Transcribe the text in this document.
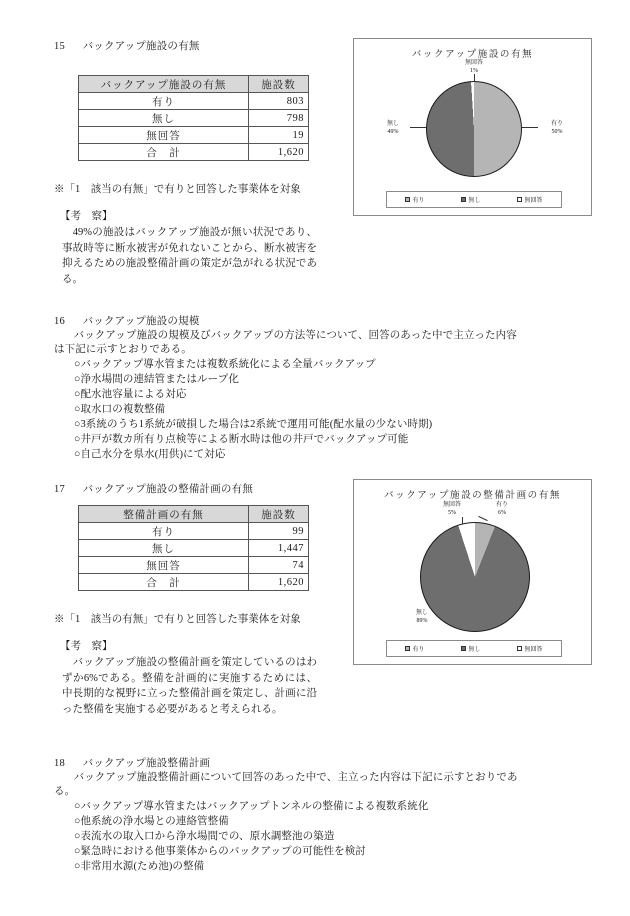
15 バックアップ施設の有無
バックアップ施設の有無	施設数
有り	803
無し	798
無回答	19
合　計	1,620
※「1　該当の有無」で有りと回答した事業体を対象
【考　察】
　49%の施設はバックアップ施設が無い状況であり、事故時等に断水被害が免れないことから、断水被害を抑えるための施設整備計画の策定が急がれる状況である。
バックアップ施設の有無
無回答
1%
無し
49%
有り
50%
有り	無し	無回答
16 バックアップ施設の規模
　バックアップ施設の規模及びバックアップの方法等について、回答のあった中で主立った内容
は下記に示すとおりである。
○バックアップ導水管または複数系統化による全量バックアップ
○浄水場間の連結管またはループ化
○配水池容量による対応
○取水口の複数整備
○3系統のうち1系統が破損した場合は2系統で運用可能(配水量の少ない時期)
○井戸が数カ所有り点検等による断水時は他の井戸でバックアップ可能
○自己水分を県水(用供)にて対応
17 バックアップ施設の整備計画の有無
整備計画の有無	施設数
有り	99
無し	1,447
無回答	74
合　計	1,620
※「1　該当の有無」で有りと回答した事業体を対象
【考　察】
　バックアップ施設の整備計画を策定しているのはわずか6%である。整備を計画的に実施するためには、中長期的な視野に立った整備計画を策定し、計画に沿った整備を実施する必要があると考えられる。
バックアップ施設の整備計画の有無
無回答
5%
有り
6%
無し
89%
有り	無し	無回答
18 バックアップ施設整備計画
　バックアップ施設整備計画について回答のあった中で、主立った内容は下記に示すとおりであ
る。
○バックアップ導水管またはバックアップトンネルの整備による複数系統化
○他系統の浄水場との連絡管整備
○表流水の取入口から浄水場間での、原水調整池の築造
○緊急時における他事業体からのバックアップの可能性を検討
○非常用水源(ため池)の整備
